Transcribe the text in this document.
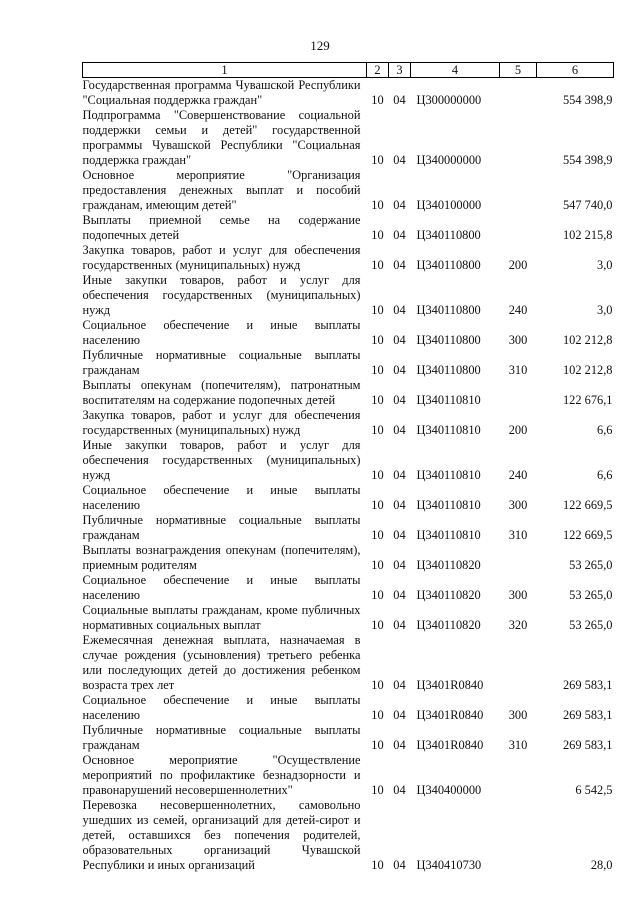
129
1	2	3	4	5	6
Государственная программа Чувашской Республики "Социальная поддержка граждан"	10	04	Ц300000000		554 398,9
Подпрограмма "Совершенствование социальной поддержки семьи и детей" государственной программы Чувашской Республики "Социальная поддержка граждан"	10	04	Ц340000000		554 398,9
Основное мероприятие "Организация предоставления денежных выплат и пособий гражданам, имеющим детей"	10	04	Ц340100000		547 740,0
Выплаты приемной семье на содержание подопечных детей	10	04	Ц340110800		102 215,8
Закупка товаров, работ и услуг для обеспечения государственных (муниципальных) нужд	10	04	Ц340110800	200	3,0
Иные закупки товаров, работ и услуг для обеспечения государственных (муниципальных) нужд	10	04	Ц340110800	240	3,0
Социальное обеспечение и иные выплаты населению	10	04	Ц340110800	300	102 212,8
Публичные нормативные социальные выплаты гражданам	10	04	Ц340110800	310	102 212,8
Выплаты опекунам (попечителям), патронатным воспитателям на содержание подопечных детей	10	04	Ц340110810		122 676,1
Закупка товаров, работ и услуг для обеспечения государственных (муниципальных) нужд	10	04	Ц340110810	200	6,6
Иные закупки товаров, работ и услуг для обеспечения государственных (муниципальных) нужд	10	04	Ц340110810	240	6,6
Социальное обеспечение и иные выплаты населению	10	04	Ц340110810	300	122 669,5
Публичные нормативные социальные выплаты гражданам	10	04	Ц340110810	310	122 669,5
Выплаты вознаграждения опекунам (попечителям), приемным родителям	10	04	Ц340110820		53 265,0
Социальное обеспечение и иные выплаты населению	10	04	Ц340110820	300	53 265,0
Социальные выплаты гражданам, кроме публичных нормативных социальных выплат	10	04	Ц340110820	320	53 265,0
Ежемесячная денежная выплата, назначаемая в случае рождения (усыновления) третьего ребенка или последующих детей до достижения ребенком возраста трех лет	10	04	Ц3401R0840		269 583,1
Социальное обеспечение и иные выплаты населению	10	04	Ц3401R0840	300	269 583,1
Публичные нормативные социальные выплаты гражданам	10	04	Ц3401R0840	310	269 583,1
Основное мероприятие "Осуществление мероприятий по профилактике безнадзорности и правонарушений несовершеннолетних"	10	04	Ц340400000		6 542,5
Перевозка несовершеннолетних, самовольно ушедших из семей, организаций для детей-сирот и детей, оставшихся без попечения родителей, образовательных организаций Чувашской Республики и иных организаций	10	04	Ц340410730		28,0
